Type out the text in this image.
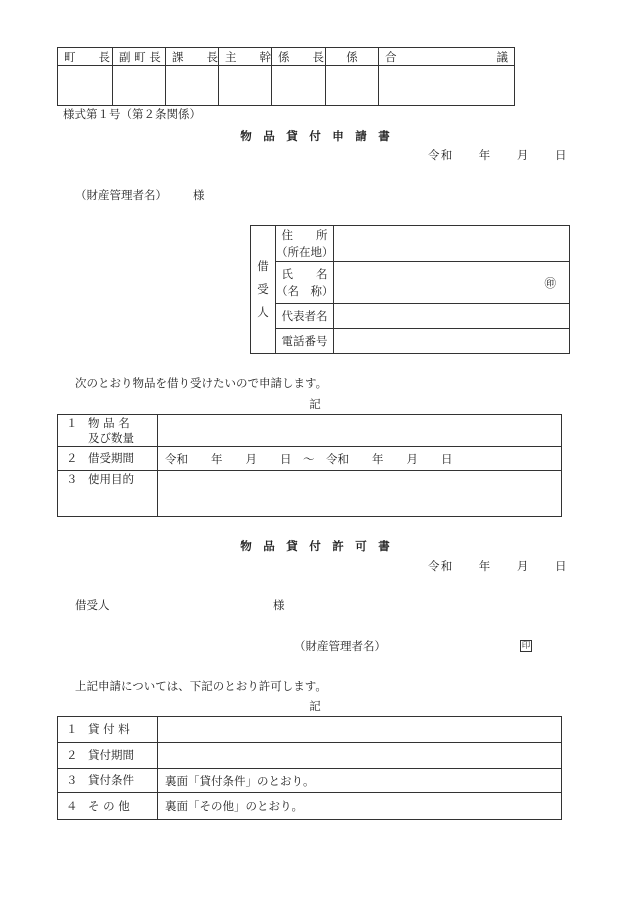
町　　長	副 町 長	課　　長	主　　幹	係　　長	係	合　　　　　　　　議

様式第１号（第２条関係）
物　品　貸　付　申　請　書
令和　　年　　月　　日
（財産管理者名） 様
借受人	住　　所
（所在地）	
	氏　　名
（名　称）	㊞
	代表者名	
	電話番号	
次のとおり物品を借り受けたいので申請します。
記
１ 物 品 名
及び数量	

２ 借受期間	令和　　年　　月　　日　～　令和　　年　　月　　日

３ 使用目的	

物　品　貸　付　許　可　書
令和　　年　　月　　日
借受人	様
（財産管理者名）	印
上記申請については、下記のとおり許可します。
記
１ 貸 付 料	

２ 貸付期間	

３ 貸付条件	裏面「貸付条件」のとおり。

４ そ の 他	裏面「その他」のとおり。
